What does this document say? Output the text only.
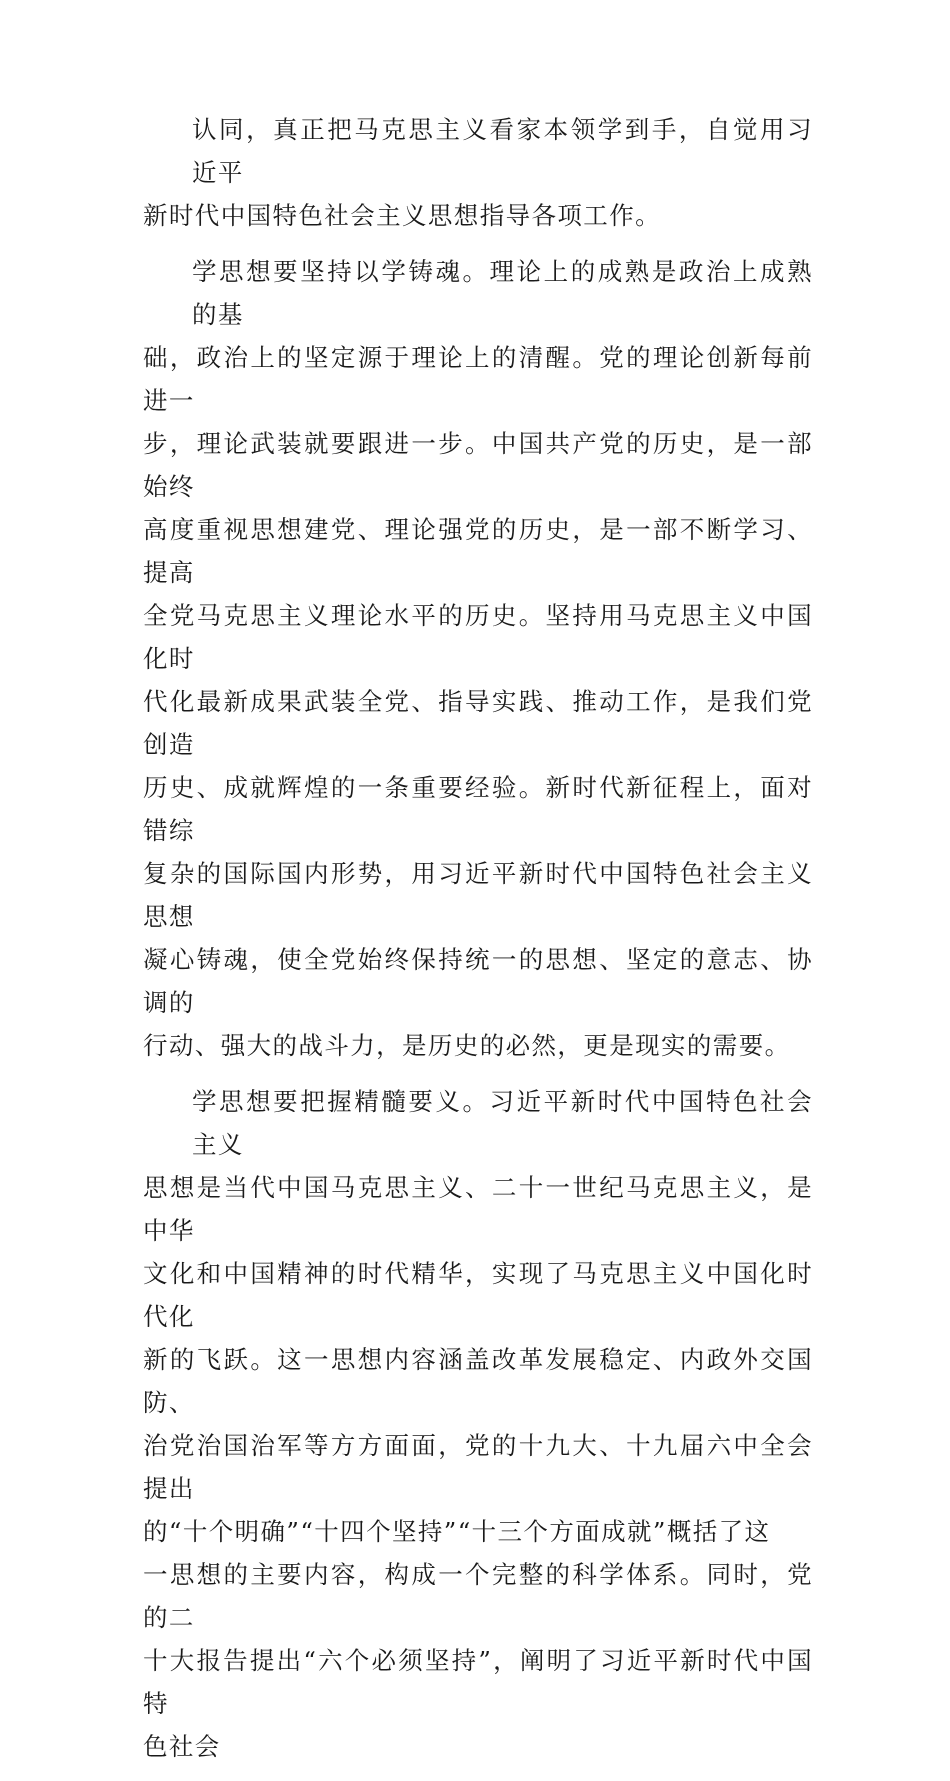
认同，真正把马克思主义看家本领学到手，自觉用习近平
新时代中国特色社会主义思想指导各项工作。

学思想要坚持以学铸魂。理论上的成熟是政治上成熟的基
础，政治上的坚定源于理论上的清醒。党的理论创新每前进一
步，理论武装就要跟进一步。中国共产党的历史，是一部始终
高度重视思想建党、理论强党的历史，是一部不断学习、提高
全党马克思主义理论水平的历史。坚持用马克思主义中国化时
代化最新成果武装全党、指导实践、推动工作，是我们党创造
历史、成就辉煌的一条重要经验。新时代新征程上，面对错综
复杂的国际国内形势，用习近平新时代中国特色社会主义思想
凝心铸魂，使全党始终保持统一的思想、坚定的意志、协调的
行动、强大的战斗力，是历史的必然，更是现实的需要。

学思想要把握精髓要义。习近平新时代中国特色社会主义
思想是当代中国马克思主义、二十一世纪马克思主义，是中华
文化和中国精神的时代精华，实现了马克思主义中国化时代化
新的飞跃。这一思想内容涵盖改革发展稳定、内政外交国防、
治党治国治军等方方面面，党的十九大、十九届六中全会提出
的“十个明确”“十四个坚持”“十三个方面成就”概括了这
一思想的主要内容，构成一个完整的科学体系。同时，党的二
十大报告提出“六个必须坚持”，阐明了习近平新时代中国特
色社会
